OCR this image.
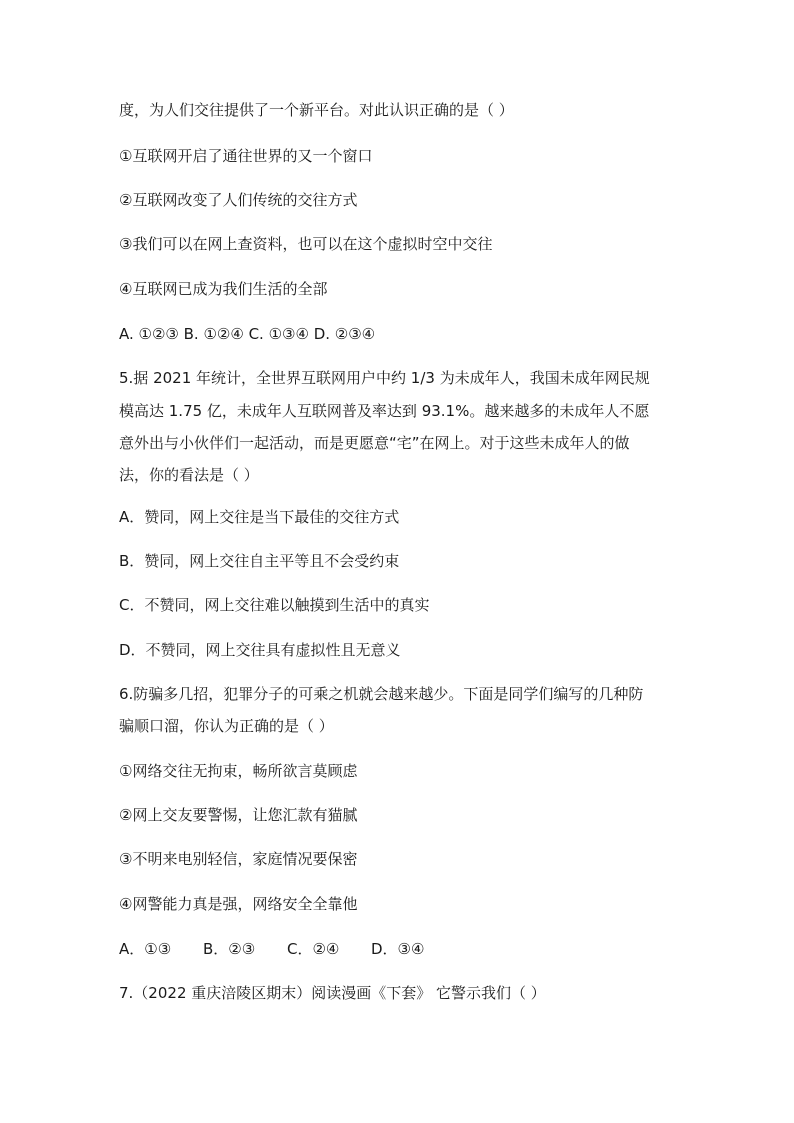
度，为人们交往提供了一个新平台。对此认识正确的是（ ）
①互联网开启了通往世界的又一个窗口
②互联网改变了人们传统的交往方式
③我们可以在网上查资料，也可以在这个虚拟时空中交往
④互联网已成为我们生活的全部
A. ①②③ B. ①②④ C. ①③④ D. ②③④
5.据 2021 年统计，全世界互联网用户中约 1/3 为未成年人，我国未成年网民规
模高达 1.75 亿，未成年人互联网普及率达到 93.1%。越来越多的未成年人不愿
意外出与小伙伴们一起活动，而是更愿意“宅”在网上。对于这些未成年人的做
法，你的看法是（ ）
A．赞同，网上交往是当下最佳的交往方式
B．赞同，网上交往自主平等且不会受约束
C．不赞同，网上交往难以触摸到生活中的真实
D．不赞同，网上交往具有虚拟性且无意义
6.防骗多几招，犯罪分子的可乘之机就会越来越少。下面是同学们编写的几种防
骗顺口溜，你认为正确的是（ ）
①网络交往无拘束，畅所欲言莫顾虑
②网上交友要警惕，让您汇款有猫腻
③不明来电别轻信，家庭情况要保密
④网警能力真是强，网络安全全靠他
A．①③ B．②③ C．②④ D．③④
7.（2022 重庆涪陵区期末）阅读漫画《下套》 它警示我们（ ）
